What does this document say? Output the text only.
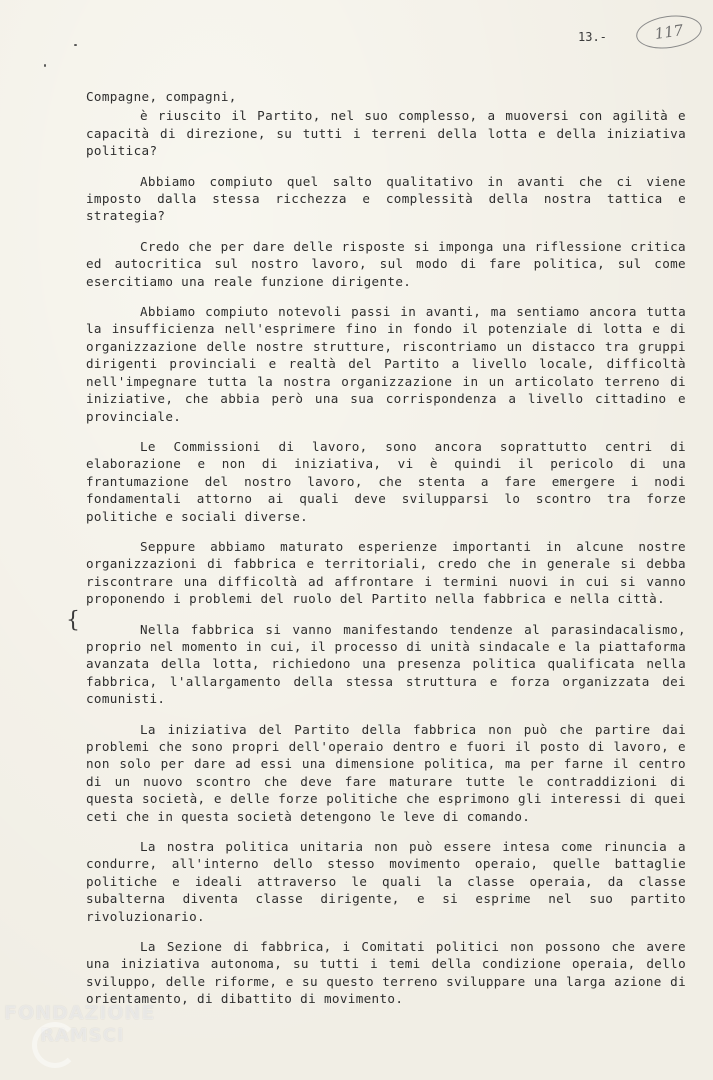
13.-	117
{

Compagne, compagni,

è riuscito il Partito, nel suo complesso, a muoversi con agilità e capacità di direzione, su tutti i terreni della lotta e della iniziativa politica?

Abbiamo compiuto quel salto qualitativo in avanti che ci viene imposto dalla stessa ricchezza e complessità della nostra tattica e strategia?

Credo che per dare delle risposte si imponga una riflessione critica ed autocritica sul nostro lavoro, sul modo di fare politica, sul come esercitiamo una reale funzione dirigente.

Abbiamo compiuto notevoli passi in avanti, ma sentiamo ancora tutta la insufficienza nell'esprimere fino in fondo il potenziale di lotta e di organizzazione delle nostre strutture, riscontriamo un distacco tra gruppi dirigenti provinciali e realtà del Partito a livello locale, difficoltà nell'impegnare tutta la nostra organizzazione in un articolato terreno di iniziative, che abbia però una sua corrispondenza a livello cittadino e provinciale.

Le Commissioni di lavoro, sono ancora soprattutto centri di elaborazione e non di iniziativa, vi è quindi il pericolo di una frantumazione del nostro lavoro, che stenta a fare emergere i nodi fondamentali attorno ai quali deve svilupparsi lo scontro tra forze politiche e sociali diverse.

Seppure abbiamo maturato esperienze importanti in alcune nostre organizzazioni di fabbrica e territoriali, credo che in generale si debba riscontrare una difficoltà ad affrontare i termini nuovi in cui si vanno proponendo i problemi del ruolo del Partito nella fabbrica e nella città.

Nella fabbrica si vanno manifestando tendenze al parasindacalismo, proprio nel momento in cui, il processo di unità sindacale e la piattaforma avanzata della lotta, richiedono una presenza politica qualificata nella fabbrica, l'allargamento della stessa struttura e forza organizzata dei comunisti.

La iniziativa del Partito della fabbrica non può che partire dai problemi che sono propri dell'operaio dentro e fuori il posto di lavoro, e non solo per dare ad essi una dimensione politica, ma per farne il centro di un nuovo scontro che deve fare maturare tutte le contraddizioni di questa società, e delle forze politiche che esprimono gli interessi di quei ceti che in questa società detengono le leve di comando.

La nostra politica unitaria non può essere intesa come rinuncia a condurre, all'interno dello stesso movimento operaio, quelle battaglie politiche e ideali attraverso le quali la classe operaia, da classe subalterna diventa classe dirigente, e si esprime nel suo partito rivoluzionario.

La Sezione di fabbrica, i Comitati politici non possono che avere una iniziativa autonoma, su tutti i temi della condizione operaia, dello sviluppo, delle riforme, e su questo terreno sviluppare una larga azione di orientamento, di dibattito di movimento.

FONDAZIONE
RAMSCI
